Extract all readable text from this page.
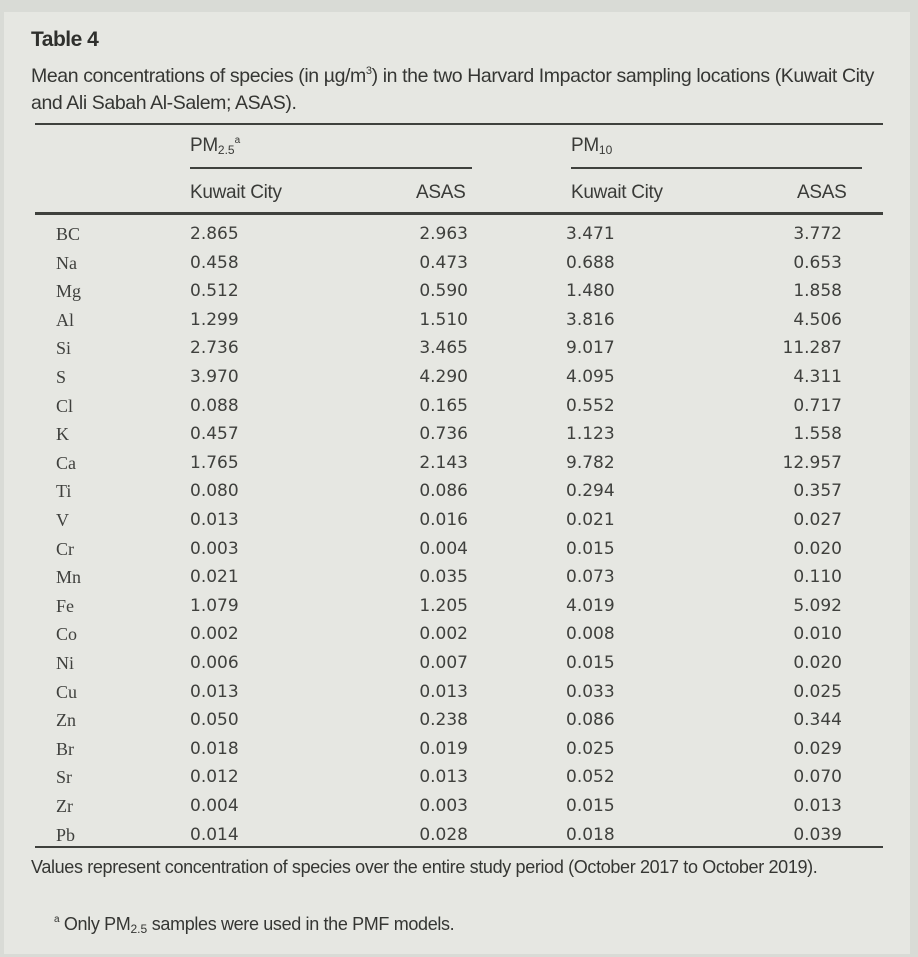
Table 4
Mean concentrations of species (in $\mu g/m^3$) in the two Harvard Impactor sampling locations (Kuwait City and Ali Sabah Al-Salem; ASAS).
$PM_{2.5}^a$	$PM_{10}$
Kuwait City	ASAS	Kuwait City	ASAS
BC	2.865	2.963	3.471	3.772
Na	0.458	0.473	0.688	0.653
Mg	0.512	0.590	1.480	1.858
Al	1.299	1.510	3.816	4.506
Si	2.736	3.465	9.017	11.287
S	3.970	4.290	4.095	4.311
Cl	0.088	0.165	0.552	0.717
K	0.457	0.736	1.123	1.558
Ca	1.765	2.143	9.782	12.957
Ti	0.080	0.086	0.294	0.357
V	0.013	0.016	0.021	0.027
Cr	0.003	0.004	0.015	0.020
Mn	0.021	0.035	0.073	0.110
Fe	1.079	1.205	4.019	5.092
Co	0.002	0.002	0.008	0.010
Ni	0.006	0.007	0.015	0.020
Cu	0.013	0.013	0.033	0.025
Zn	0.050	0.238	0.086	0.344
Br	0.018	0.019	0.025	0.029
Sr	0.012	0.013	0.052	0.070
Zr	0.004	0.003	0.015	0.013
Pb	0.014	0.028	0.018	0.039
Values represent concentration of species over the entire study period (October 2017 to October 2019).
$^a$ Only $PM_{2.5}$ samples were used in the PMF models.
